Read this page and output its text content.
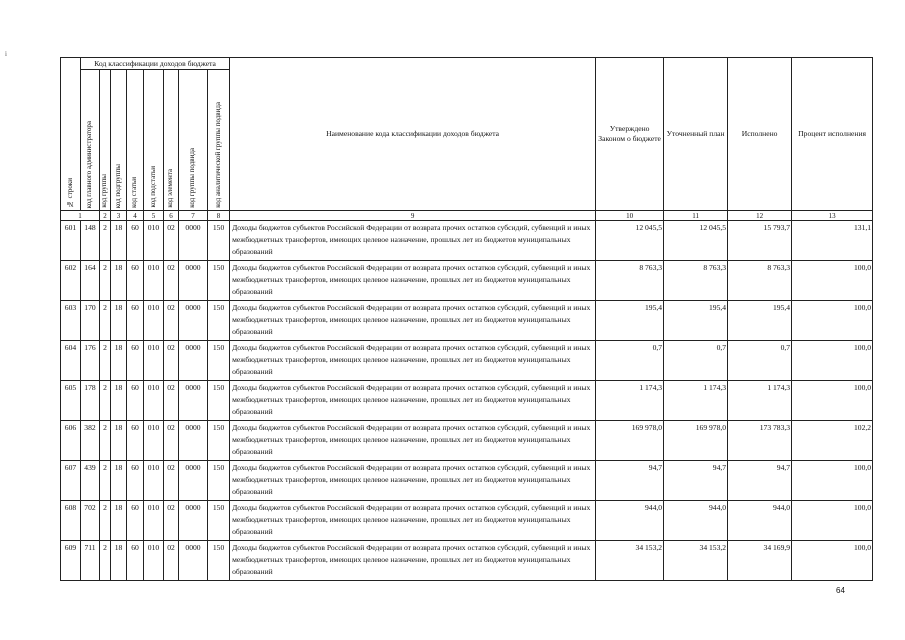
i
№ строки	Код классификации доходов бюджета								Наименование кода классификации доходов бюджета	Утверждено Законом о бюджете	Уточненный план	Исполнено	Процент исполнения
	код главного администратора	код группы	код подгруппы	код статьи	код подстатьи	код элемента	код группы подвида	код аналитической группы подвида					
1		2	3	4	5	6	7	8	9	10	11	12	13
601	148	2	18	60	010	02	0000	150	Доходы бюджетов субъектов Российской Федерации от возврата прочих остатков субсидий, субвенций и иных межбюджетных трансфертов, имеющих целевое назначение, прошлых лет из бюджетов муниципальных образований	12 045,5	12 045,5	15 793,7	131,1
602	164	2	18	60	010	02	0000	150	Доходы бюджетов субъектов Российской Федерации от возврата прочих остатков субсидий, субвенций и иных межбюджетных трансфертов, имеющих целевое назначение, прошлых лет из бюджетов муниципальных образований	8 763,3	8 763,3	8 763,3	100,0
603	170	2	18	60	010	02	0000	150	Доходы бюджетов субъектов Российской Федерации от возврата прочих остатков субсидий, субвенций и иных межбюджетных трансфертов, имеющих целевое назначение, прошлых лет из бюджетов муниципальных образований	195,4	195,4	195,4	100,0
604	176	2	18	60	010	02	0000	150	Доходы бюджетов субъектов Российской Федерации от возврата прочих остатков субсидий, субвенций и иных межбюджетных трансфертов, имеющих целевое назначение, прошлых лет из бюджетов муниципальных образований	0,7	0,7	0,7	100,0
605	178	2	18	60	010	02	0000	150	Доходы бюджетов субъектов Российской Федерации от возврата прочих остатков субсидий, субвенций и иных межбюджетных трансфертов, имеющих целевое назначение, прошлых лет из бюджетов муниципальных образований	1 174,3	1 174,3	1 174,3	100,0
606	382	2	18	60	010	02	0000	150	Доходы бюджетов субъектов Российской Федерации от возврата прочих остатков субсидий, субвенций и иных межбюджетных трансфертов, имеющих целевое назначение, прошлых лет из бюджетов муниципальных образований	169 978,0	169 978,0	173 783,3	102,2
607	439	2	18	60	010	02	0000	150	Доходы бюджетов субъектов Российской Федерации от возврата прочих остатков субсидий, субвенций и иных межбюджетных трансфертов, имеющих целевое назначение, прошлых лет из бюджетов муниципальных образований	94,7	94,7	94,7	100,0
608	702	2	18	60	010	02	0000	150	Доходы бюджетов субъектов Российской Федерации от возврата прочих остатков субсидий, субвенций и иных межбюджетных трансфертов, имеющих целевое назначение, прошлых лет из бюджетов муниципальных образований	944,0	944,0	944,0	100,0
609	711	2	18	60	010	02	0000	150	Доходы бюджетов субъектов Российской Федерации от возврата прочих остатков субсидий, субвенций и иных межбюджетных трансфертов, имеющих целевое назначение, прошлых лет из бюджетов муниципальных образований	34 153,2	34 153,2	34 169,9	100,0
64
